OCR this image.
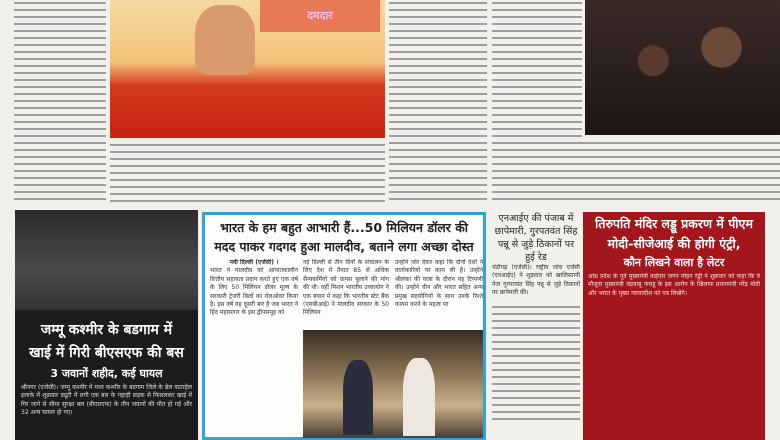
दमदार
जम्मू कश्मीर के बडगाम में
खाई में गिरी बीएसएफ की बस
3 जवानों शहीद, कई घायल

श्रीनगर (एजेंसी)। जम्मू कश्मीर में मध्य कश्मीर के बडगाम जिले के ब्रेल वाटरहेल इलाके में शुक्रवार ड्यूटी में लगी एक बस के पहाड़ी सड़क से फिसलकर खाई में गिर जाने से सीमा सुरक्षा बल (बीएसएफ) के तीन जवानों की मौत हो गई और 32 अन्य घायल हो गए।

भारत के हम बहुत आभारी हैं...50 मिलियन डॉलर की
मदद पाकर गदगद हुआ मालदीव, बताने लगा अच्छा दोस्त

नयी दिल्ली (एजेंसी) ।

भारत ने मालदीव को आपातकालीन वित्तीय सहायता प्रदान करते हुए एक वर्ष के लिए 50 मिलियन डॉलर मूल्य के सरकारी ट्रेजरी बिलों का रोलओवर किया है। इस वर्ष यह दूसरी बार है जब भारत ने हिंद महासागर के इस द्वीपसमूह को

नई दिल्ली से तीन दिनों के संचालन के लिए देश में तैनात 85 से अधिक सैन्यकर्मियों को वापस बुलाने की मांग की थी। वहीं मिशन भारतीय उच्चायोग ने एक बयान में कहा कि भारतीय स्टेट बैंक (एसबीआई) ने मालदीव सरकार के 50 मिलियन

उन्होंने जोर देकर कहा कि दोनों देशों ने वार्ताकारियों पर काम ली है। उन्होंने श्रीलंका की यात्रा के दौरान यह टिप्पणी की। उन्होंने चीन और भारत सहित अन्य प्रमुख सहयोगियों के साथ उनके रिश्ते कायम करने के महत्व पर

एनआईए की पंजाब में छापेमारी, गुरपतवंत सिंह पन्नू से जुड़े ठिकानों पर हुई रेड

चंडीगढ़ (एजेंसी)। राष्ट्रीय जांच एजेंसी (एनआईए) ने शुक्रवार को खालिस्तानी नेता गुरपतवंत सिंह पन्नू से जुड़े ठिकानों पर छापेमारी की।

तिरुपति मंदिर लड्डू प्रकरण में पीएम
मोदी-सीजेआई की होगी एंट्री,
कौन लिखने वाला है लेटर

आंध्र प्रदेश के पूर्व मुख्यमंत्री वाईएस जगन मोहन रेड्डी ने शुक्रवार को कहा कि वे मौजूदा मुख्यमंत्री चंद्रबाबू नायडू के इस आरोप के खिलाफ प्रधानमंत्री नरेंद्र मोदी और भारत के मुख्य न्यायाधीश को पत्र लिखेंगे।
